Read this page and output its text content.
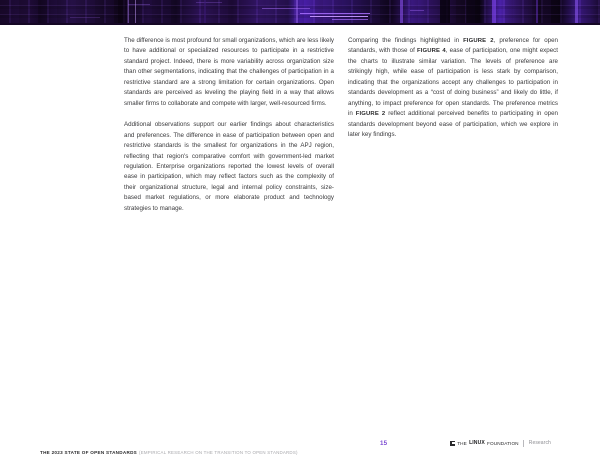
The difference is most profound for small organizations, which are less likely to have additional or specialized resources to participate in a restrictive standard project. Indeed, there is more variability across organization size than other segmentations, indicating that the challenges of participation in a restrictive standard are a strong limitation for certain organizations. Open standards are perceived as leveling the playing field in a way that allows smaller firms to collaborate and compete with larger, well-resourced firms.

Additional observations support our earlier findings about characteristics and preferences. The difference in ease of participation between open and restrictive standards is the smallest for organizations in the APJ region, reflecting that region's comparative comfort with government-led market regulation. Enterprise organizations reported the lowest levels of overall ease in participation, which may reflect factors such as the complexity of their organizational structure, legal and internal policy constraints, size-based market regulations, or more elaborate product and technology strategies to manage.

Comparing the findings highlighted in FIGURE 2, preference for open standards, with those of FIGURE 4, ease of participation, one might expect the charts to illustrate similar variation. The levels of preference are strikingly high, while ease of participation is less stark by comparison, indicating that the organizations accept any challenges to participation in standards development as a “cost of doing business” and likely do little, if anything, to impact preference for open standards. The preference metrics in FIGURE 2 reflect additional perceived benefits to participating in open standards development beyond ease of participation, which we explore in later key findings.

THE 2023 STATE OF OPEN STANDARDS (EMPIRICAL RESEARCH ON THE TRANSITION TO OPEN STANDARDS)
15	THE LINUX FOUNDATION Research
